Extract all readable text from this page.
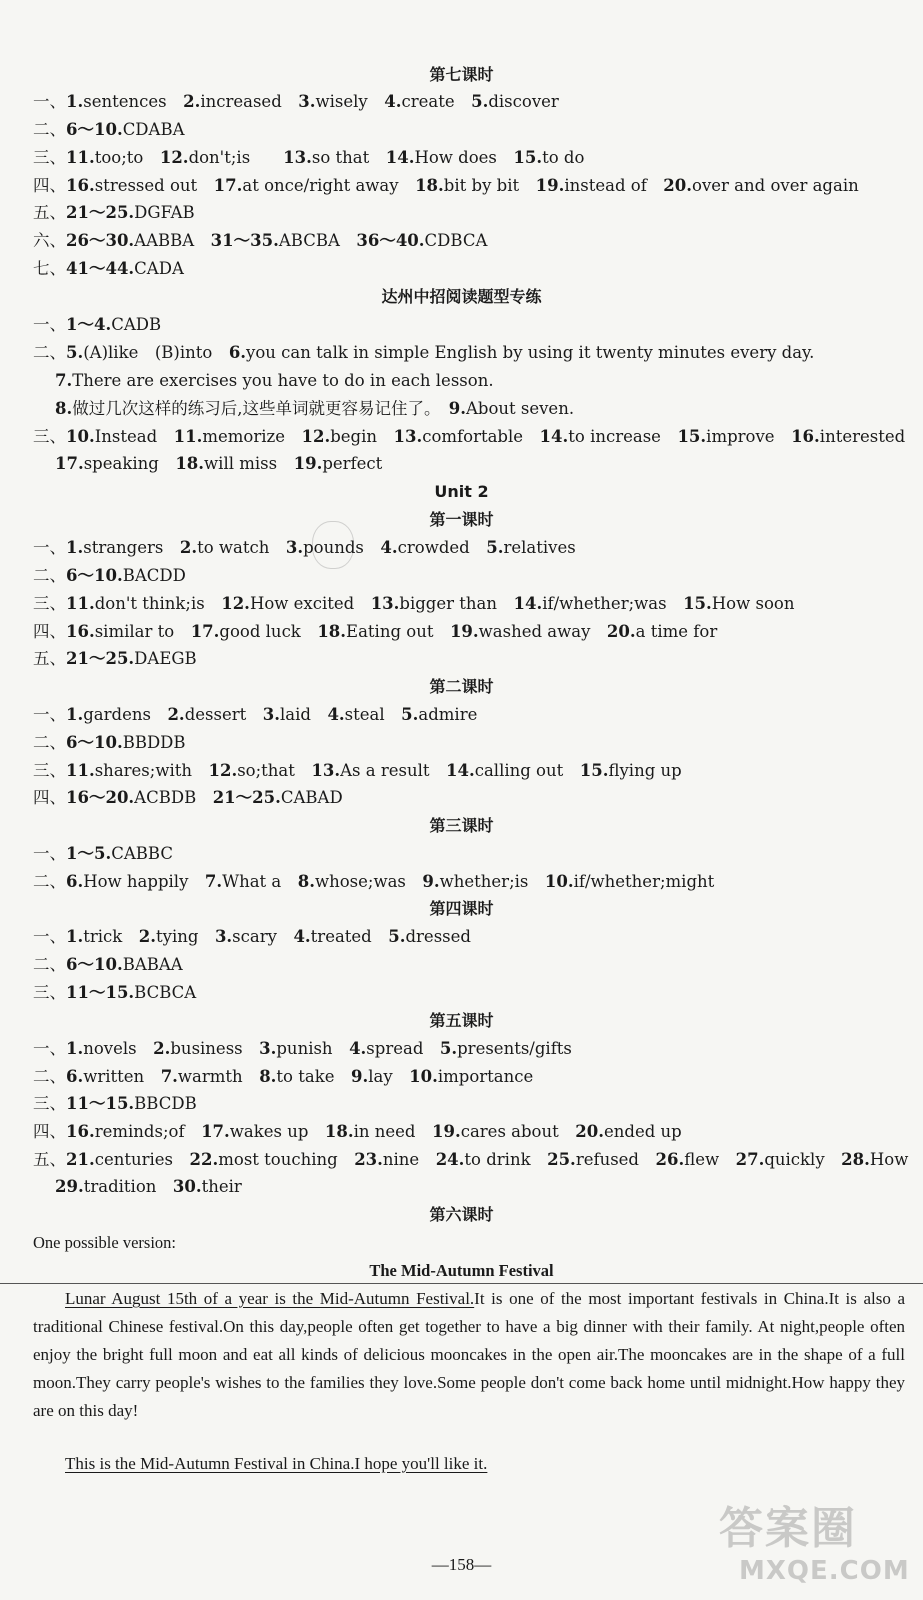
第七课时
一、1.sentences　2.increased　3.wisely　4.create　5.discover
二、6～10.CDABA
三、11.too;to　12.don't;is　　13.so that　14.How does　15.to do
四、16.stressed out　17.at once/right away　18.bit by bit　19.instead of　20.over and over again
五、21～25.DGFAB
六、26～30.AABBA　31～35.ABCBA　36～40.CDBCA
七、41～44.CADA
达州中招阅读题型专练
一、1～4.CADB
二、5.(A)like　(B)into　6.you can talk in simple English by using it twenty minutes every day.
7.There are exercises you have to do in each lesson.
8.做过几次这样的练习后,这些单词就更容易记住了。　9.About seven.
三、10.Instead　11.memorize　12.begin　13.comfortable　14.to increase　15.improve　16.interested
17.speaking　18.will miss　19.perfect
Unit 2
第一课时
一、1.strangers　2.to watch　3.pounds　4.crowded　5.relatives
二、6～10.BACDD
三、11.don't think;is　12.How excited　13.bigger than　14.if/whether;was　15.How soon
四、16.similar to　17.good luck　18.Eating out　19.washed away　20.a time for
五、21～25.DAEGB
第二课时
一、1.gardens　2.dessert　3.laid　4.steal　5.admire
二、6～10.BBDDB
三、11.shares;with　12.so;that　13.As a result　14.calling out　15.flying up
四、16～20.ACBDB　21～25.CABAD
第三课时
一、1～5.CABBC
二、6.How happily　7.What a　8.whose;was　9.whether;is　10.if/whether;might
第四课时
一、1.trick　2.tying　3.scary　4.treated　5.dressed
二、6～10.BABAA
三、11～15.BCBCA
第五课时
一、1.novels　2.business　3.punish　4.spread　5.presents/gifts
二、6.written　7.warmth　8.to take　9.lay　10.importance
三、11～15.BBCDB
四、16.reminds;of　17.wakes up　18.in need　19.cares about　20.ended up
五、21.centuries　22.most touching　23.nine　24.to drink　25.refused　26.flew　27.quickly　28.How
29.tradition　30.their
第六课时
One possible version:
The Mid-Autumn Festival
Lunar August 15th of a year is the Mid-Autumn Festival.It is one of the most important festivals in China.It is also a traditional Chinese festival.On this day,people often get together to have a big dinner with their family. At night,people often enjoy the bright full moon and eat all kinds of delicious mooncakes in the open air.The mooncakes are in the shape of a full moon.They carry people's wishes to the families they love.Some people don't come back home until midnight.How happy they are on this day!
This is the Mid-Autumn Festival in China.I hope you'll like it.
—158—
答案圈
MXQE.COM
